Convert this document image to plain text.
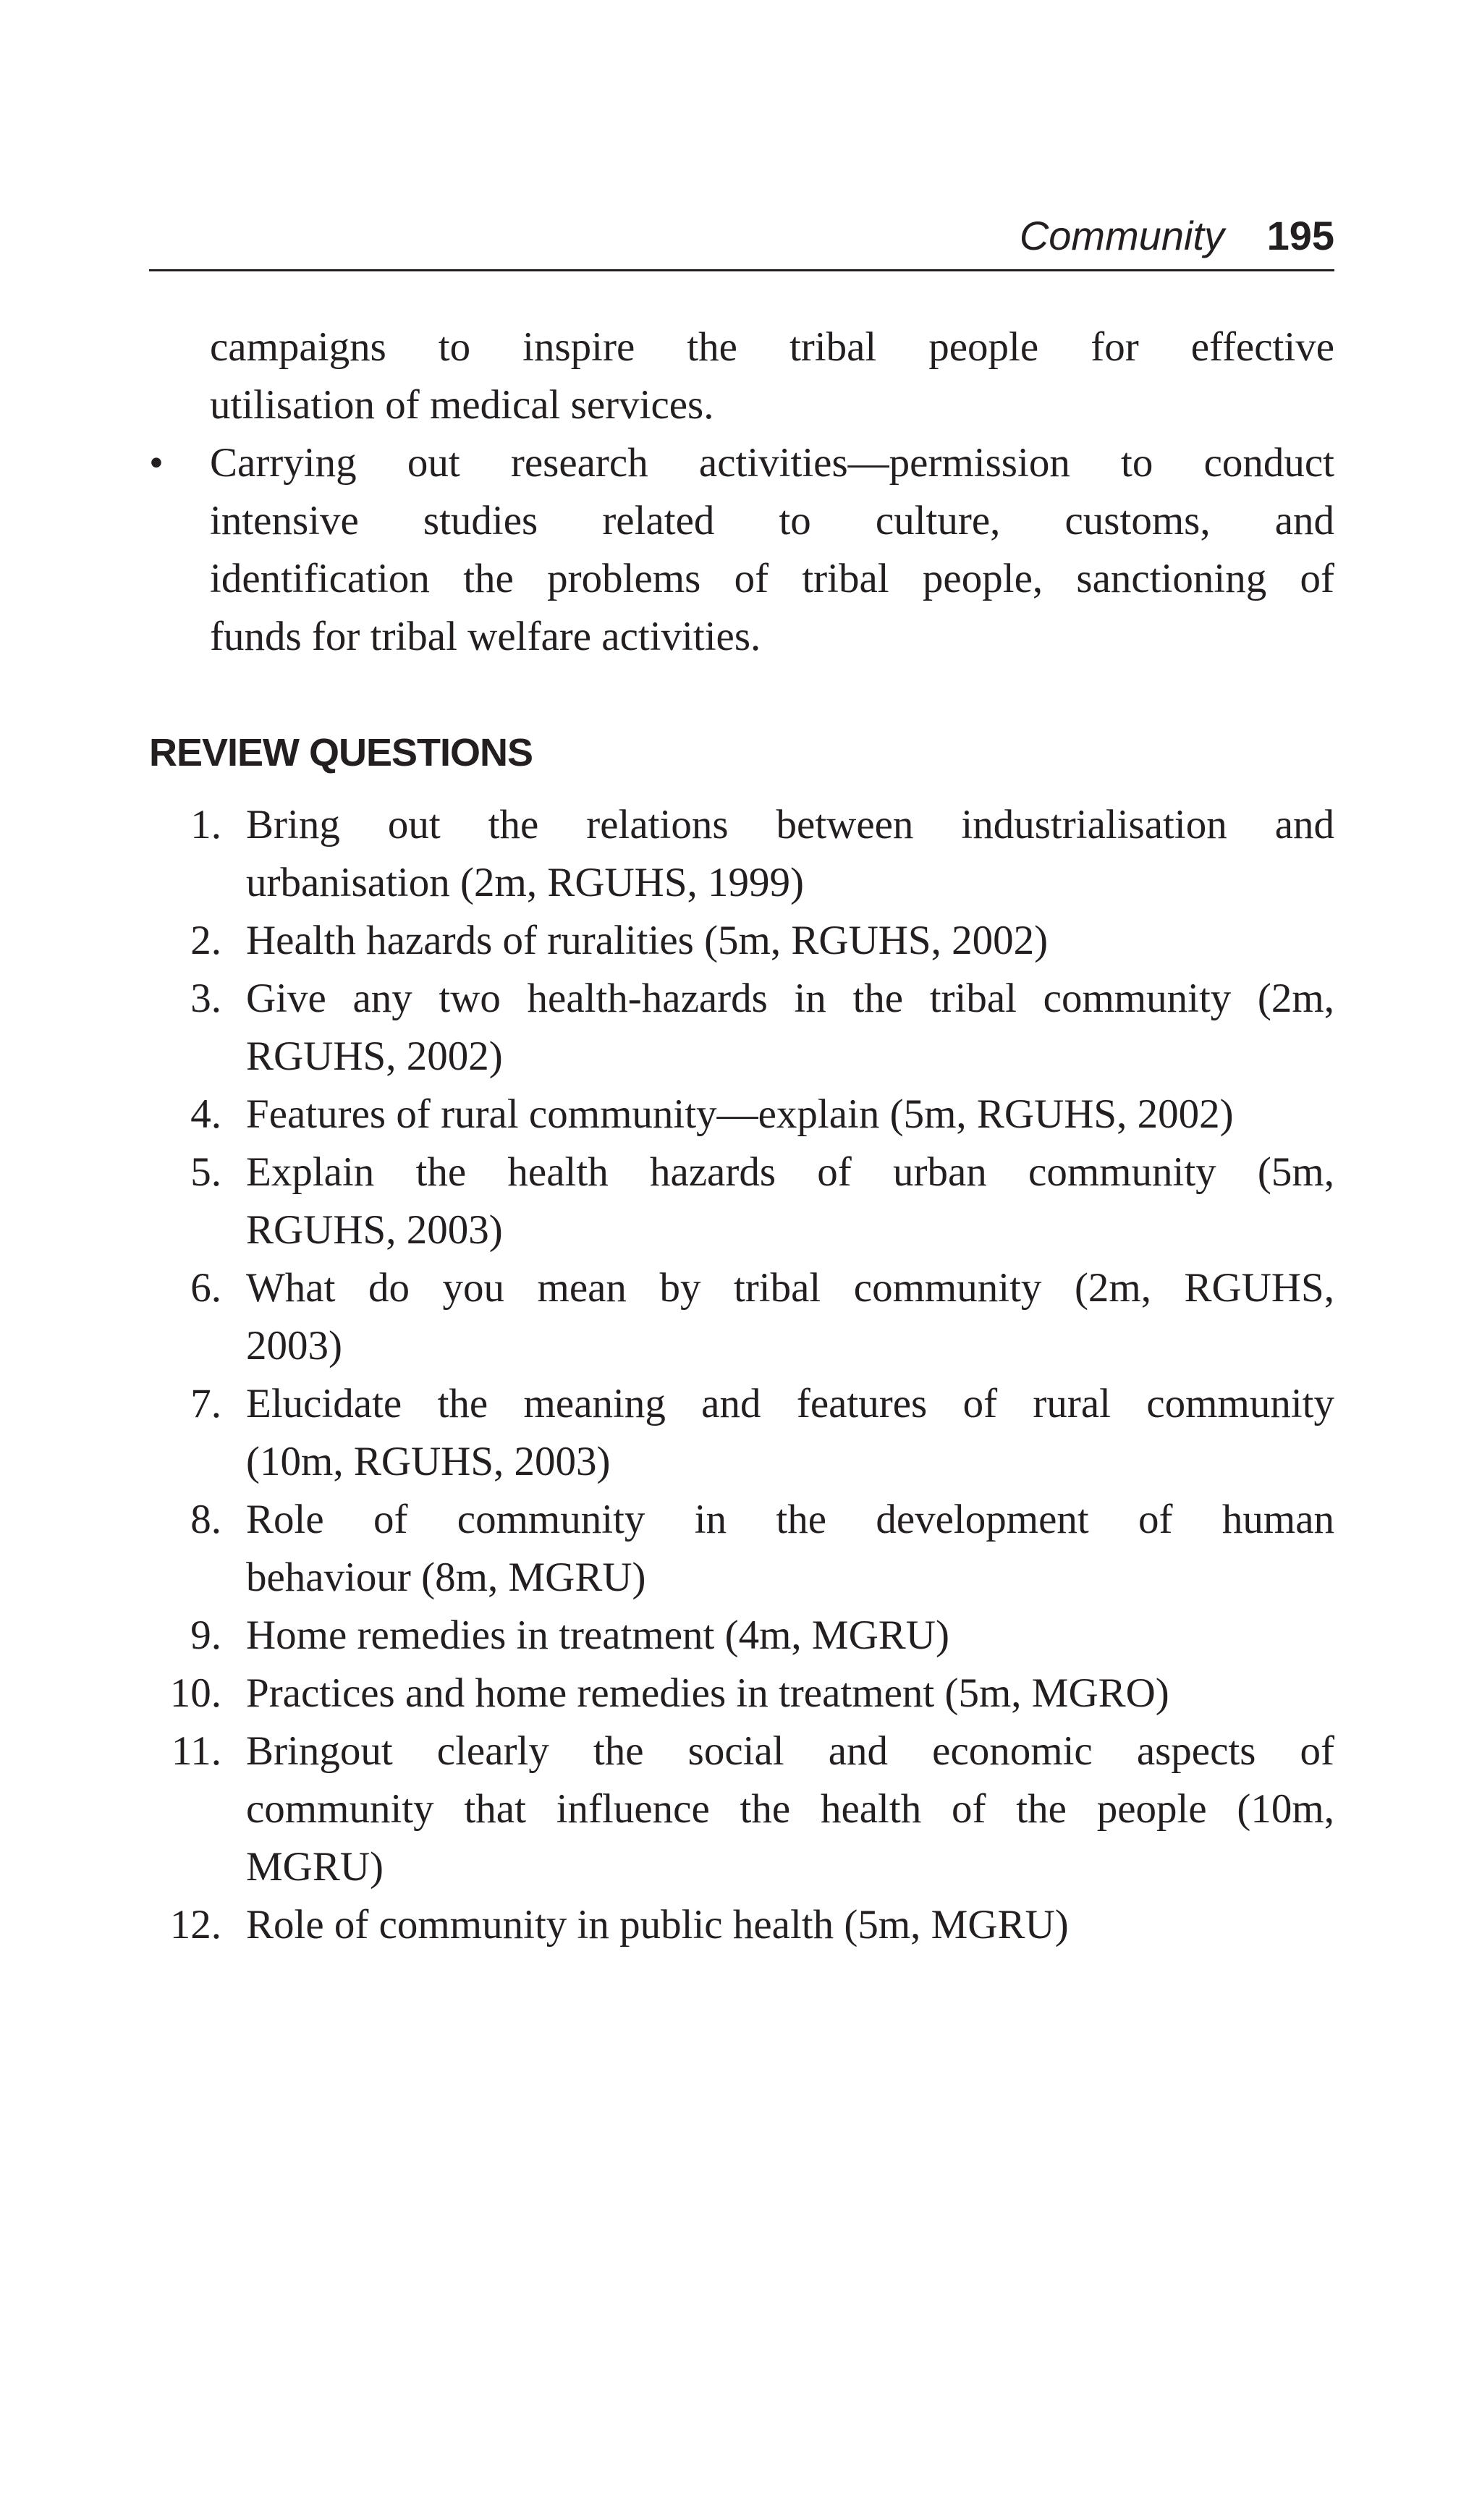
Community 195
campaigns to inspire the tribal people for effective
utilisation of medical services.
•	Carrying out research activities—permission to conduct
intensive studies related to culture, customs, and
identification the problems of tribal people, sanctioning of
funds for tribal welfare activities.
REVIEW QUESTIONS
1. Bring out the relations between industrialisation and
urbanisation (2m, RGUHS, 1999)
2. Health hazards of ruralities (5m, RGUHS, 2002)
3. Give any two health-hazards in the tribal community (2m,
RGUHS, 2002)
4. Features of rural community—explain (5m, RGUHS, 2002)
5. Explain the health hazards of urban community (5m,
RGUHS, 2003)
6. What do you mean by tribal community (2m, RGUHS,
2003)
7. Elucidate the meaning and features of rural community
(10m, RGUHS, 2003)
8. Role of community in the development of human
behaviour (8m, MGRU)
9. Home remedies in treatment (4m, MGRU)
10. Practices and home remedies in treatment (5m, MGRO)
11. Bringout clearly the social and economic aspects of
community that influence the health of the people (10m,
MGRU)
12. Role of community in public health (5m, MGRU)
